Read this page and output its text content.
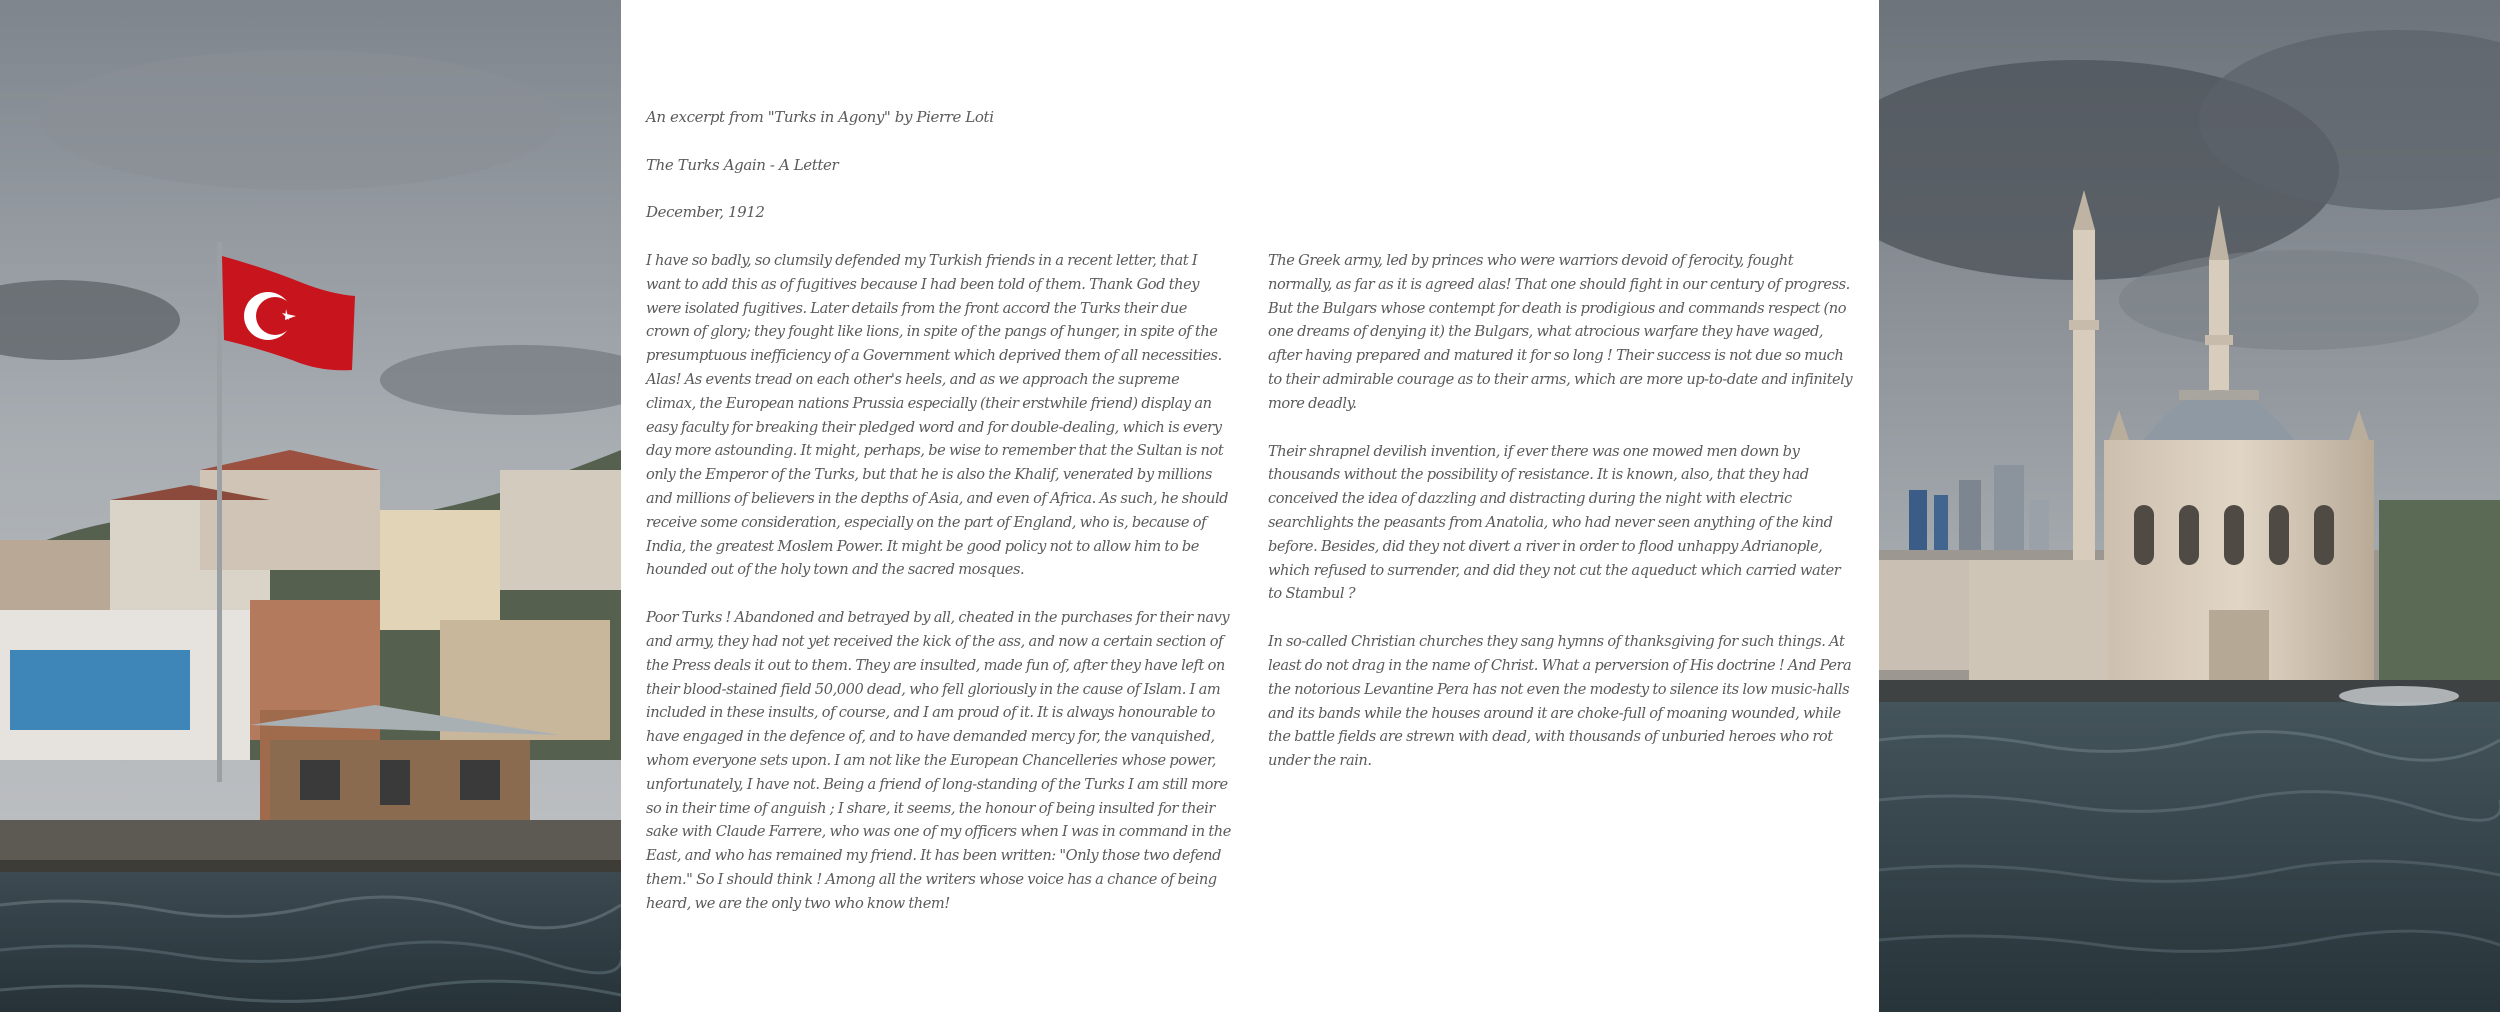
An excerpt from "Turks in Agony" by Pierre Loti
The Turks Again - A Letter
December, 1912

I have so badly, so clumsily defended my Turkish friends in a recent letter, that I want to add this as of fugitives because I had been told of them. Thank God they were isolated fugitives. Later details from the front accord the Turks their due crown of glory; they fought like lions, in spite of the pangs of hunger, in spite of the presumptuous inefficiency of a Government which deprived them of all necessities. Alas! As events tread on each other's heels, and as we approach the supreme climax, the European nations Prussia especially (their erstwhile friend) display an easy faculty for breaking their pledged word and for double-dealing, which is every day more astounding. It might, perhaps, be wise to remember that the Sultan is not only the Emperor of the Turks, but that he is also the Khalif, venerated by millions and millions of believers in the depths of Asia, and even of Africa. As such, he should receive some consideration, especially on the part of England, who is, because of India, the greatest Moslem Power. It might be good policy not to allow him to be hounded out of the holy town and the sacred mosques.

Poor Turks ! Abandoned and betrayed by all, cheated in the purchases for their navy and army, they had not yet received the kick of the ass, and now a certain section of the Press deals it out to them. They are insulted, made fun of, after they have left on their blood-stained field 50,000 dead, who fell gloriously in the cause of Islam. I am included in these insults, of course, and I am proud of it. It is always honourable to have engaged in the defence of, and to have demanded mercy for, the vanquished, whom everyone sets upon. I am not like the European Chancelleries whose power, unfortunately, I have not. Being a friend of long-standing of the Turks I am still more so in their time of anguish ; I share, it seems, the honour of being insulted for their sake with Claude Farrere, who was one of my officers when I was in command in the East, and who has remained my friend. It has been written: "Only those two defend them." So I should think ! Among all the writers whose voice has a chance of being heard, we are the only two who know them!

The Greek army, led by princes who were warriors devoid of ferocity, fought normally, as far as it is agreed alas! That one should fight in our century of progress. But the Bulgars whose contempt for death is prodigious and commands respect (no one dreams of denying it) the Bulgars, what atrocious warfare they have waged, after having prepared and matured it for so long ! Their success is not due so much to their admirable courage as to their arms, which are more up-to-date and infinitely more deadly.

Their shrapnel devilish invention, if ever there was one mowed men down by thousands without the possibility of resistance. It is known, also, that they had conceived the idea of dazzling and distracting during the night with electric searchlights the peasants from Anatolia, who had never seen anything of the kind before. Besides, did they not divert a river in order to flood unhappy Adrianople, which refused to surrender, and did they not cut the aqueduct which carried water to Stambul ?

In so-called Christian churches they sang hymns of thanksgiving for such things. At least do not drag in the name of Christ. What a perversion of His doctrine ! And Pera the notorious Levantine Pera has not even the modesty to silence its low music-halls and its bands while the houses around it are choke-full of moaning wounded, while the battle fields are strewn with dead, with thousands of unburied heroes who rot under the rain.
